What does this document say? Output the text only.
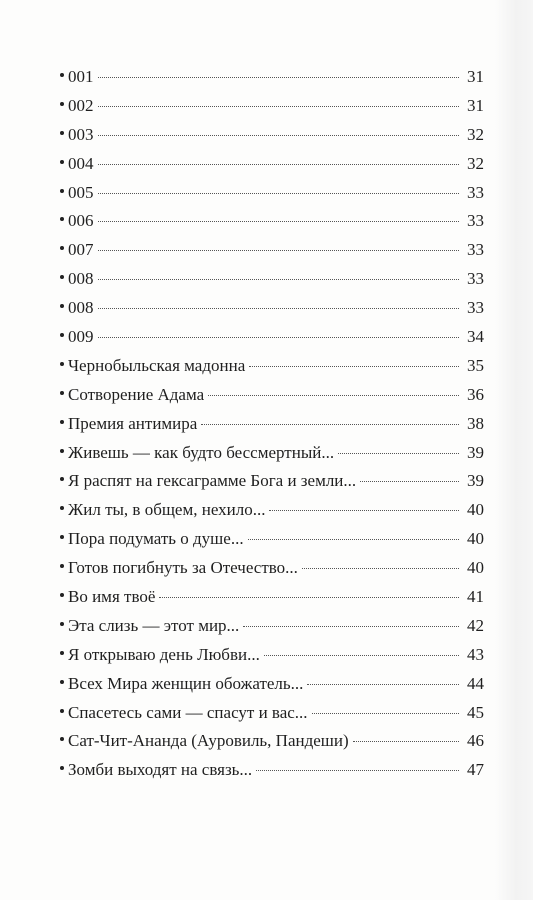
001	31
002	31
003	32
004	32
005	33
006	33
007	33
008	33
008	33
009	34
Чернобыльская мадонна	35
Сотворение Адама	36
Премия антимира	38
Живешь — как будто бессмертный...	39
Я распят на гексаграмме Бога и земли...	39
Жил ты, в общем, нехило...	40
Пора подумать о душе...	40
Готов погибнуть за Отечество...	40
Во имя твоё	41
Эта слизь — этот мир...	42
Я открываю день Любви...	43
Всех Мира женщин обожатель...	44
Спасетесь сами — спасут и вас...	45
Сат-Чит-Ананда (Ауровиль, Пандеши)	46
Зомби выходят на связь...	47
